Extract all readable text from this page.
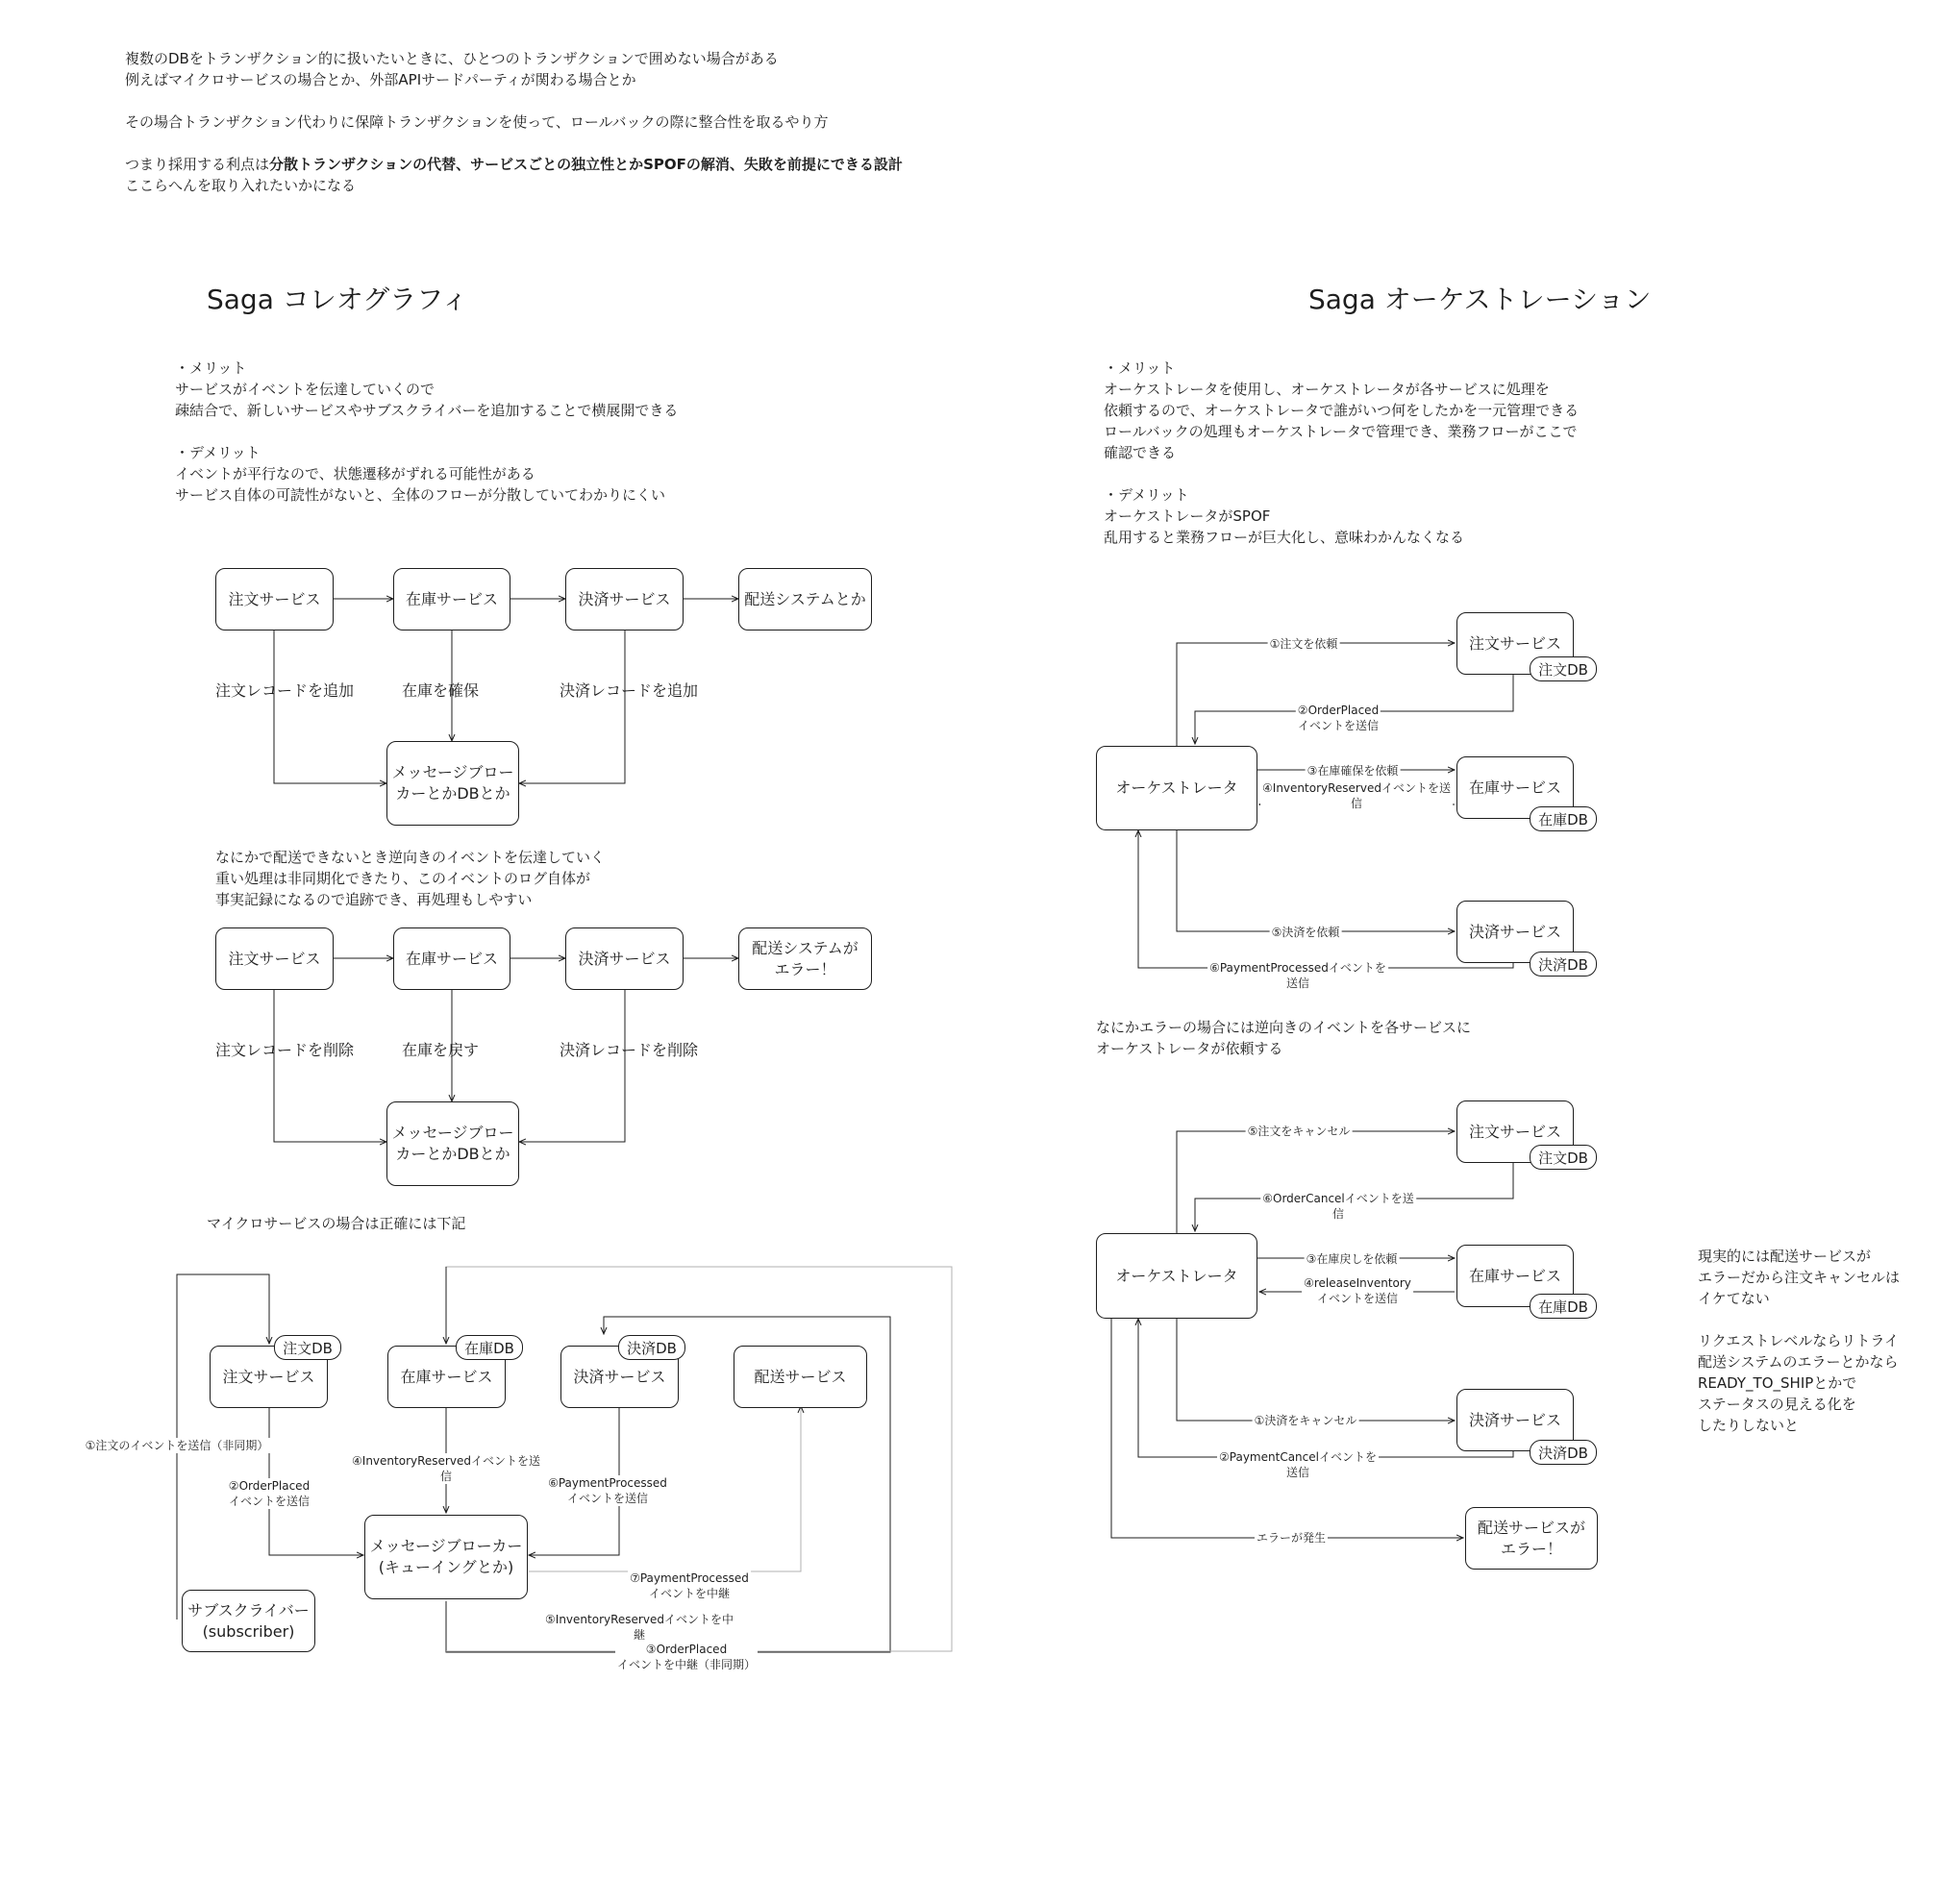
複数のDBをトランザクション的に扱いたいときに、ひとつのトランザクションで囲めない場合がある
例えばマイクロサービスの場合とか、外部APIサードパーティが関わる場合とか
その場合トランザクション代わりに保障トランザクションを使って、ロールバックの際に整合性を取るやり方
つまり採用する利点は分散トランザクションの代替、サービスごとの独立性とかSPOFの解消、失敗を前提にできる設計
ここらへんを取り入れたいかになる
Saga コレオグラフィ
・メリット
サービスがイベントを伝達していくので
疎結合で、新しいサービスやサブスクライバーを追加することで横展開できる

・デメリット
イベントが平行なので、状態遷移がずれる可能性がある
サービス自体の可読性がないと、全体のフローが分散していてわかりにくい
注文サービス	在庫サービス	決済サービス	配送システムとか
注文レコードを追加	在庫を確保	決済レコードを追加
メッセージブロー
カーとかDBとか
なにかで配送できないとき逆向きのイベントを伝達していく
重い処理は非同期化できたり、このイベントのログ自体が
事実記録になるので追跡でき、再処理もしやすい
注文サービス	在庫サービス	決済サービス
配送システムが
エラー！
注文レコードを削除	在庫を戻す	決済レコードを削除
メッセージブロー
カーとかDBとか
マイクロサービスの場合は正確には下記
注文サービス
注文DB
在庫サービス
在庫DB
決済サービス
決済DB
配送サービス
メッセージブローカー
(キューイングとか)
サブスクライバー
(subscriber)
①注文のイベントを送信（非同期）
②OrderPlaced
イベントを送信
③OrderPlaced
イベントを中継（非同期）
④InventoryReservedイベントを送
信
⑤InventoryReservedイベントを中
継
⑥PaymentProcessed
イベントを送信
⑦PaymentProcessed
イベントを中継
Saga オーケストレーション
・メリット
オーケストレータを使用し、オーケストレータが各サービスに処理を
依頼するので、オーケストレータで誰がいつ何をしたかを一元管理できる
ロールバックの処理もオーケストレータで管理でき、業務フローがここで
確認できる

・デメリット
オーケストレータがSPOF
乱用すると業務フローが巨大化し、意味わかんなくなる
オーケストレータ
注文サービス
注文DB
在庫サービス
在庫DB
決済サービス
決済DB
①注文を依頼
②OrderPlaced
イベントを送信
③在庫確保を依頼
④InventoryReservedイベントを送
信
⑤決済を依頼
⑥PaymentProcessedイベントを
送信
なにかエラーの場合には逆向きのイベントを各サービスに
オーケストレータが依頼する
オーケストレータ
注文サービス
注文DB
在庫サービス
在庫DB
決済サービス
決済DB
配送サービスが
エラー！
⑤注文をキャンセル
⑥OrderCancelイベントを送
信
③在庫戻しを依頼
④releaseInventory
イベントを送信
①決済をキャンセル
②PaymentCancelイベントを
送信
エラーが発生
現実的には配送サービスが
エラーだから注文キャンセルは
イケてない

リクエストレベルならリトライ
配送システムのエラーとかなら
READY_TO_SHIPとかで
ステータスの見える化を
したりしないと
